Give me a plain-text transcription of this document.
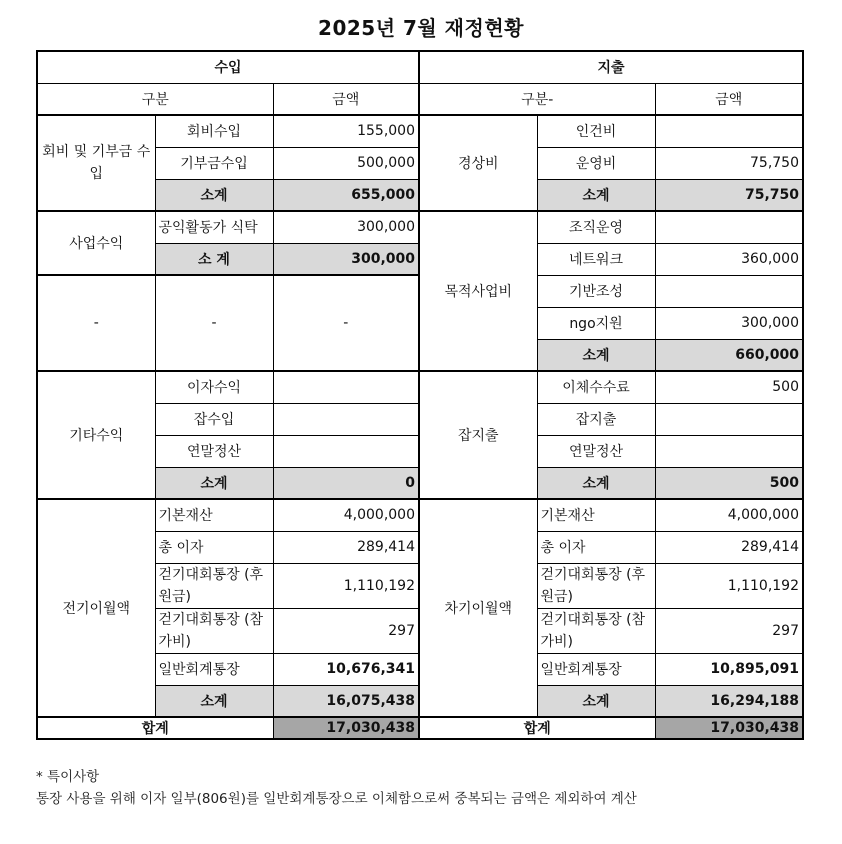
2025년 7월 재정현황
수입			지출		
구분		금액	구분-		금액
회비 및 기부금 수입	회비수입	155,000	경상비	인건비	
	기부금수입	500,000		운영비	75,750
	소계	655,000		소계	75,750
사업수익	공익활동가 식탁	300,000	목적사업비	조직운영	
	소 계	300,000		네트워크	360,000
-	-	-		기반조성	
				ngo지원	300,000
				소계	660,000
기타수익	이자수익		잡지출	이체수수료	500
	잡수입			잡지출	
	연말정산			연말정산	
	소계	0		소계	500
전기이월액	기본재산	4,000,000	차기이월액	기본재산	4,000,000
	총 이자	289,414		총 이자	289,414
	걷기대회통장 (후원금)	1,110,192		걷기대회통장 (후원금)	1,110,192
	걷기대회통장 (참가비)	297		걷기대회통장 (참가비)	297
	일반회계통장	10,676,341		일반회계통장	10,895,091
	소계	16,075,438		소계	16,294,188
합계		17,030,438	합계		17,030,438
* 특이사항
통장 사용을 위해 이자 일부(806원)를 일반회계통장으로 이체함으로써 중복되는 금액은 제외하여 계산
